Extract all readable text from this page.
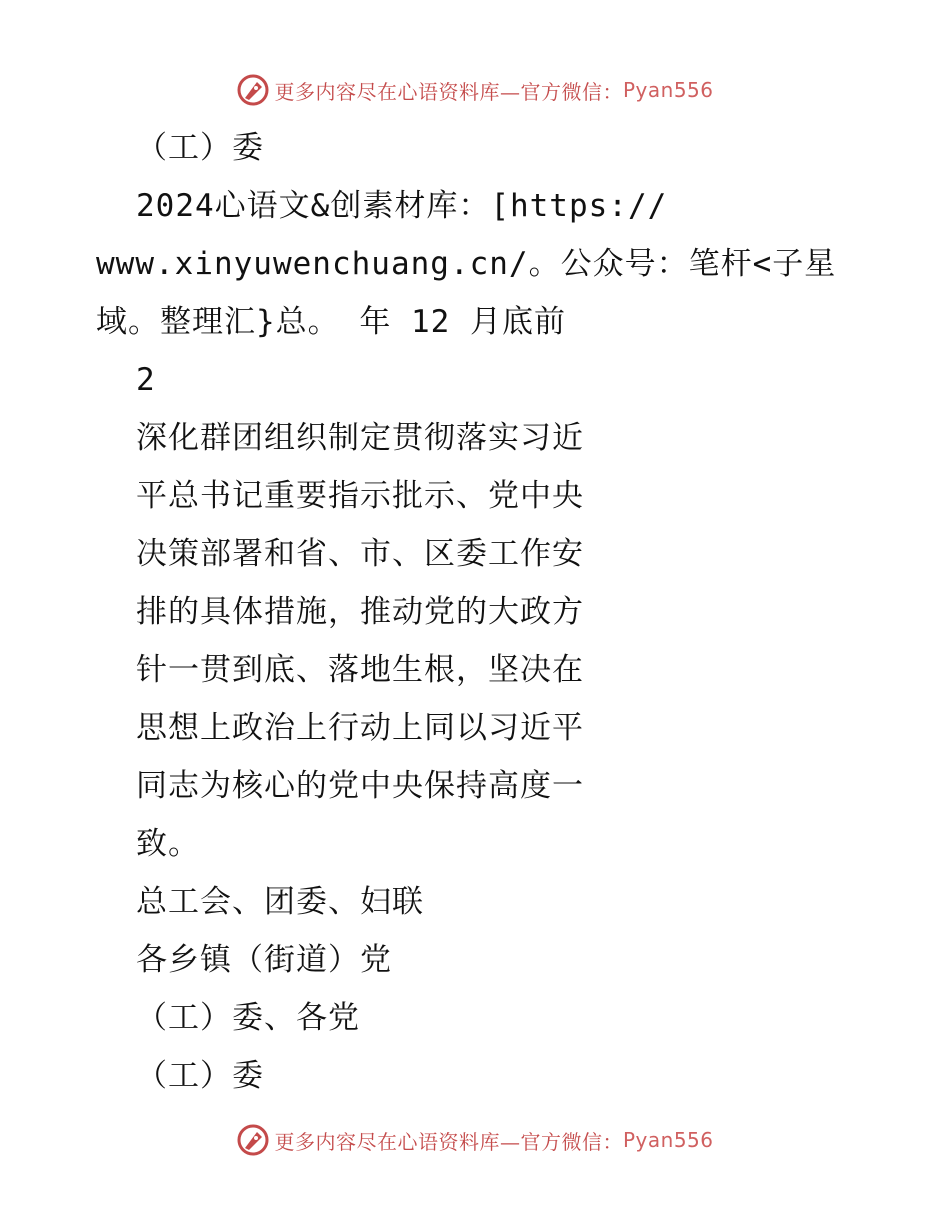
更多内容尽在心语资料库—官方微信： Pyan556
（工）委
2024心语文&创素材库：[https://
www.xinyuwenchuang.cn/。公众号：笔杆<子星
域。整理汇}总。 年 12 月底前
2
深化群团组织制定贯彻落实习近
平总书记重要指示批示、党中央
决策部署和省、市、区委工作安
排的具体措施，推动党的大政方
针一贯到底、落地生根，坚决在
思想上政治上行动上同以习近平
同志为核心的党中央保持高度一
致。
总工会、团委、妇联
各乡镇（街道）党
（工）委、各党
（工）委
更多内容尽在心语资料库—官方微信： Pyan556
